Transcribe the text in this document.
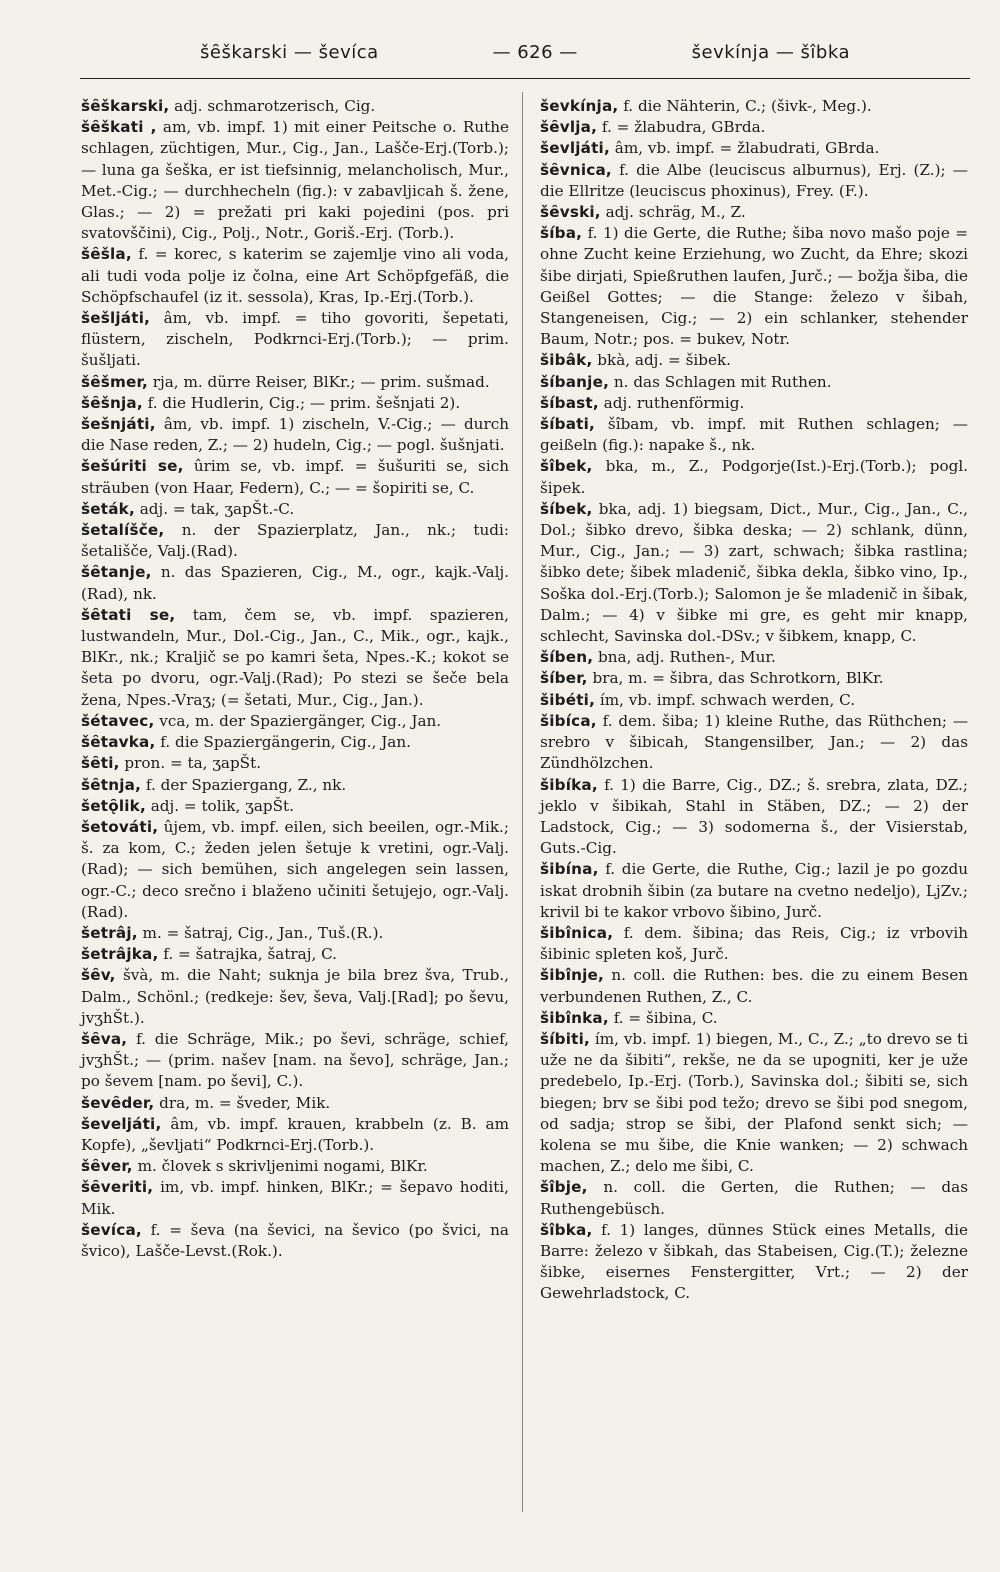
šȇškarski — ševíca	— 626 —	ševkínja — šîbka

šȇškarski, adj. schmarotzerisch, Cig.

šȇškati , am, vb. impf. 1) mit einer Peitsche o. Ruthe schlagen, züchtigen, Mur., Cig., Jan., Lašče-Erj.(Torb.); — luna ga šeška, er ist tiefsinnig, melancholisch, Mur., Met.-Cig.; — durchhecheln (fig.): v zabavljicah š. žene, Glas.; — 2) = prežati pri kaki pojedini (pos. pri svatovščini), Cig., Polj., Notr., Goriš.-Erj. (Torb.).

šȇšla, f. = korec, s katerim se zajemlje vino ali voda, ali tudi voda polje iz čolna, eine Art Schöpfgefäß, die Schöpfschaufel (iz it. sessola), Kras, Ip.-Erj.(Torb.).

šešljáti, âm, vb. impf. = tiho govoriti, šepetati, flüstern, zischeln, Podkrnci-Erj.(Torb.); — prim. šušljati.

šȇšmer, rja, m. dürre Reiser, BlKr.; — prim. sušmad.

šȇšnja, f. die Hudlerin, Cig.; — prim. šešnjati 2).

šešnjáti, âm, vb. impf. 1) zischeln, V.-Cig.; — durch die Nase reden, Z.; — 2) hudeln, Cig.; — pogl. šušnjati.

šešúriti se, ûrim se, vb. impf. = šušuriti se, sich sträuben (von Haar, Federn), C.; — = šopiriti se, C.

šeták, adj. = tak, ʒapŠt.-C.

šetalíšče, n. der Spazierplatz, Jan., nk.; tudi: šetališče, Valj.(Rad).

šȇtanje, n. das Spazieren, Cig., M., ogr., kajk.-Valj.(Rad), nk.

šȇtati se, tam, čem se, vb. impf. spazieren, lustwandeln, Mur., Dol.-Cig., Jan., C., Mik., ogr., kajk., BlKr., nk.; Kraljič se po kamri šeta, Npes.-K.; kokot se šeta po dvoru, ogr.-Valj.(Rad); Po stezi se šeče bela žena, Npes.-Vraʒ; (= šetati, Mur., Cig., Jan.).

šétavec, vca, m. der Spaziergänger, Cig., Jan.

šȇtavka, f. die Spaziergängerin, Cig., Jan.

šȇti, pron. = ta, ʒapŠt.

šȇtnja, f. der Spaziergang, Z., nk.

šetǫ̑lik, adj. = tolik, ʒapŠt.

šetováti, ûjem, vb. impf. eilen, sich beeilen, ogr.-Mik.; š. za kom, C.; žeden jelen šetuje k vretini, ogr.-Valj.(Rad); — sich bemühen, sich angelegen sein lassen, ogr.-C.; deco srečno i blaženo učiniti šetujejo, ogr.-Valj.(Rad).

šetrâj, m. = šatraj, Cig., Jan., Tuš.(R.).

šetrâjka, f. = šatrajka, šatraj, C.

šȇv, švà, m. die Naht; suknja je bila brez šva, Trub., Dalm., Schönl.; (redkeje: šev, ševa, Valj.[Rad]; po ševu, jvʒhŠt.).

šȇva, f. die Schräge, Mik.; po ševi, schräge, schief, jvʒhŠt.; — (prim. našev [nam. na ševo], schräge, Jan.; po ševem [nam. po ševi], C.).

ševȇder, dra, m. = šveder, Mik.

ševeljáti, âm, vb. impf. krauen, krabbeln (z. B. am Kopfe), „ševljati“ Podkrnci-Erj.(Torb.).

šȇver, m. človek s skrivljenimi nogami, BlKr.

šȇveriti, im, vb. impf. hinken, BlKr.; = šepavo hoditi, Mik.

ševíca, f. = ševa (na ševici, na ševico (po švici, na švico), Lašče-Levst.(Rok.).

ševkínja, f. die Nähterin, C.; (šivk-, Meg.).

šȇvlja, f. = žlabudra, GBrda.

ševljáti, âm, vb. impf. = žlabudrati, GBrda.

šȇvnica, f. die Albe (leuciscus alburnus), Erj. (Z.); — die Ellritze (leuciscus phoxinus), Frey. (F.).

šȇvski, adj. schräg, M., Z.

šíba, f. 1) die Gerte, die Ruthe; šiba novo mašo poje = ohne Zucht keine Erziehung, wo Zucht, da Ehre; skozi šibe dirjati, Spießruthen laufen, Jurč.; — božja šiba, die Geißel Gottes; — die Stange: železo v šibah, Stangeneisen, Cig.; — 2) ein schlanker, stehender Baum, Notr.; pos. = bukev, Notr.

šibâk, bkà, adj. = šibek.

šíbanje, n. das Schlagen mit Ruthen.

šíbast, adj. ruthenförmig.

šíbati, šîbam, vb. impf. mit Ruthen schlagen; — geißeln (fig.): napake š., nk.

šîbek, bka, m., Z., Podgorje(Ist.)-Erj.(Torb.); pogl. šipek.

šíbek, bka, adj. 1) biegsam, Dict., Mur., Cig., Jan., C., Dol.; šibko drevo, šibka deska; — 2) schlank, dünn, Mur., Cig., Jan.; — 3) zart, schwach; šibka rastlina; šibko dete; šibek mladenič, šibka dekla, šibko vino, Ip., Soška dol.-Erj.(Torb.); Salomon je še mladenič in šibak, Dalm.; — 4) v šibke mi gre, es geht mir knapp, schlecht, Savinska dol.-DSv.; v šibkem, knapp, C.

šíben, bna, adj. Ruthen-, Mur.

šíber, bra, m. = šibra, das Schrotkorn, BlKr.

šibéti, ím, vb. impf. schwach werden, C.

šibíca, f. dem. šiba; 1) kleine Ruthe, das Rüthchen; — srebro v šibicah, Stangensilber, Jan.; — 2) das Zündhölzchen.

šibíka, f. 1) die Barre, Cig., DZ.; š. srebra, zlata, DZ.; jeklo v šibikah, Stahl in Stäben, DZ.; — 2) der Ladstock, Cig.; — 3) sodomerna š., der Visierstab, Guts.-Cig.

šibína, f. die Gerte, die Ruthe, Cig.; lazil je po gozdu iskat drobnih šibin (za butare na cvetno nedeljo), LjZv.; krivil bi te kakor vrbovo šibino, Jurč.

šibînica, f. dem. šibina; das Reis, Cig.; iz vrbovih šibinic spleten koš, Jurč.

šibînje, n. coll. die Ruthen: bes. die zu einem Besen verbundenen Ruthen, Z., C.

šibînka, f. = šibina, C.

šíbiti, ím, vb. impf. 1) biegen, M., C., Z.; „to drevo se ti uže ne da šibiti“, rekše, ne da se upogniti, ker je uže predebelo, Ip.-Erj. (Torb.), Savinska dol.; šibiti se, sich biegen; brv se šibi pod težo; drevo se šibi pod snegom, od sadja; strop se šibi, der Plafond senkt sich; — kolena se mu šibe, die Knie wanken; — 2) schwach machen, Z.; delo me šibi, C.

šîbje, n. coll. die Gerten, die Ruthen; — das Ruthengebüsch.

šîbka, f. 1) langes, dünnes Stück eines Metalls, die Barre: železo v šibkah, das Stabeisen, Cig.(T.); železne šibke, eisernes Fenstergitter, Vrt.; — 2) der Gewehrladstock, C.
